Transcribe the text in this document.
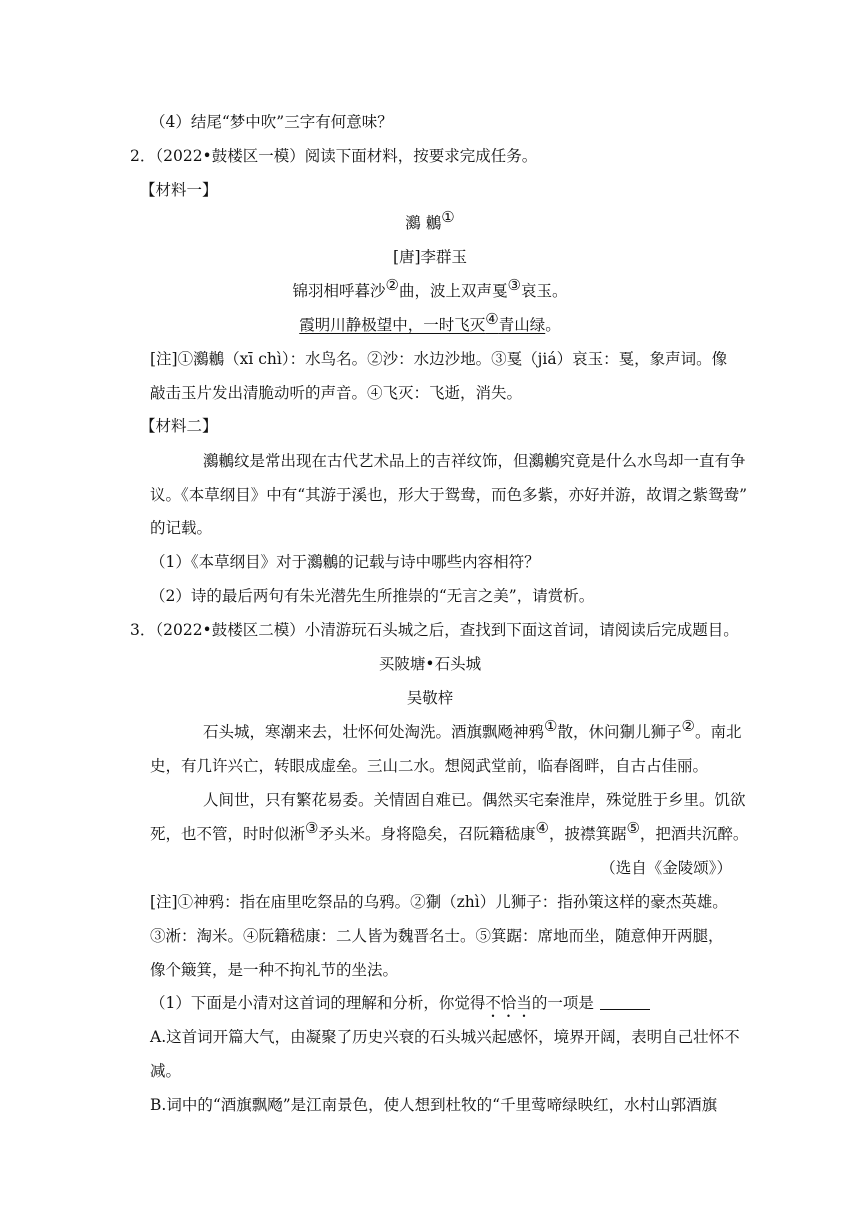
（4）结尾“梦中吹”三字有何意味？
2．（2022•鼓楼区一模）阅读下面材料，按要求完成任务。
【材料一】
鸂 鶒①
[唐]李群玉
锦羽相呼暮沙②曲，波上双声戛③哀玉。
霞明川静极望中，一时飞灭④青山绿。
[注]①鸂鶒（xī chì）：水鸟名。②沙：水边沙地。③戛（jiá）哀玉：戛，象声词。像
敲击玉片发出清脆动听的声音。④飞灭：飞逝，消失。
【材料二】
鸂鶒纹是常出现在古代艺术品上的吉祥纹饰，但鸂鶒究竟是什么水鸟却一直有争
议。《本草纲目》中有“其游于溪也，形大于鸳鸯，而色多紫，亦好并游，故谓之紫鸳鸯”
的记载。
（1）《本草纲目》对于鸂鶒的记载与诗中哪些内容相符？
（2）诗的最后两句有朱光潜先生所推崇的“无言之美”，请赏析。
3．（2022•鼓楼区二模）小清游玩石头城之后，查找到下面这首词，请阅读后完成题目。
买陂塘•石头城
吴敬梓
石头城，寒潮来去，壮怀何处淘洗。酒旗飘飏神鸦①散，休问猘儿狮子②。南北
史，有几许兴亡，转眼成虚垒。三山二水。想阅武堂前，临春阁畔，自古占佳丽。
人间世，只有繁花易委。关情固自难已。偶然买宅秦淮岸，殊觉胜于乡里。饥欲
死，也不管，时时似淅③矛头米。身将隐矣，召阮籍嵇康④，披襟箕踞⑤，把酒共沉醉。
（选自《金陵颂》）
[注]①神鸦：指在庙里吃祭品的乌鸦。②猘（zhì）儿狮子：指孙策这样的豪杰英雄。
③淅：淘米。④阮籍嵇康：二人皆为魏晋名士。⑤箕踞：席地而坐，随意伸开两腿，
像个簸箕，是一种不拘礼节的坐法。
（1）下面是小清对这首词的理解和分析，你觉得不恰当的一项是
A.这首词开篇大气，由凝聚了历史兴衰的石头城兴起感怀，境界开阔，表明自己壮怀不
减。
B.词中的“酒旗飘飏”是江南景色，使人想到杜牧的“千里莺啼绿映红，水村山郭酒旗
